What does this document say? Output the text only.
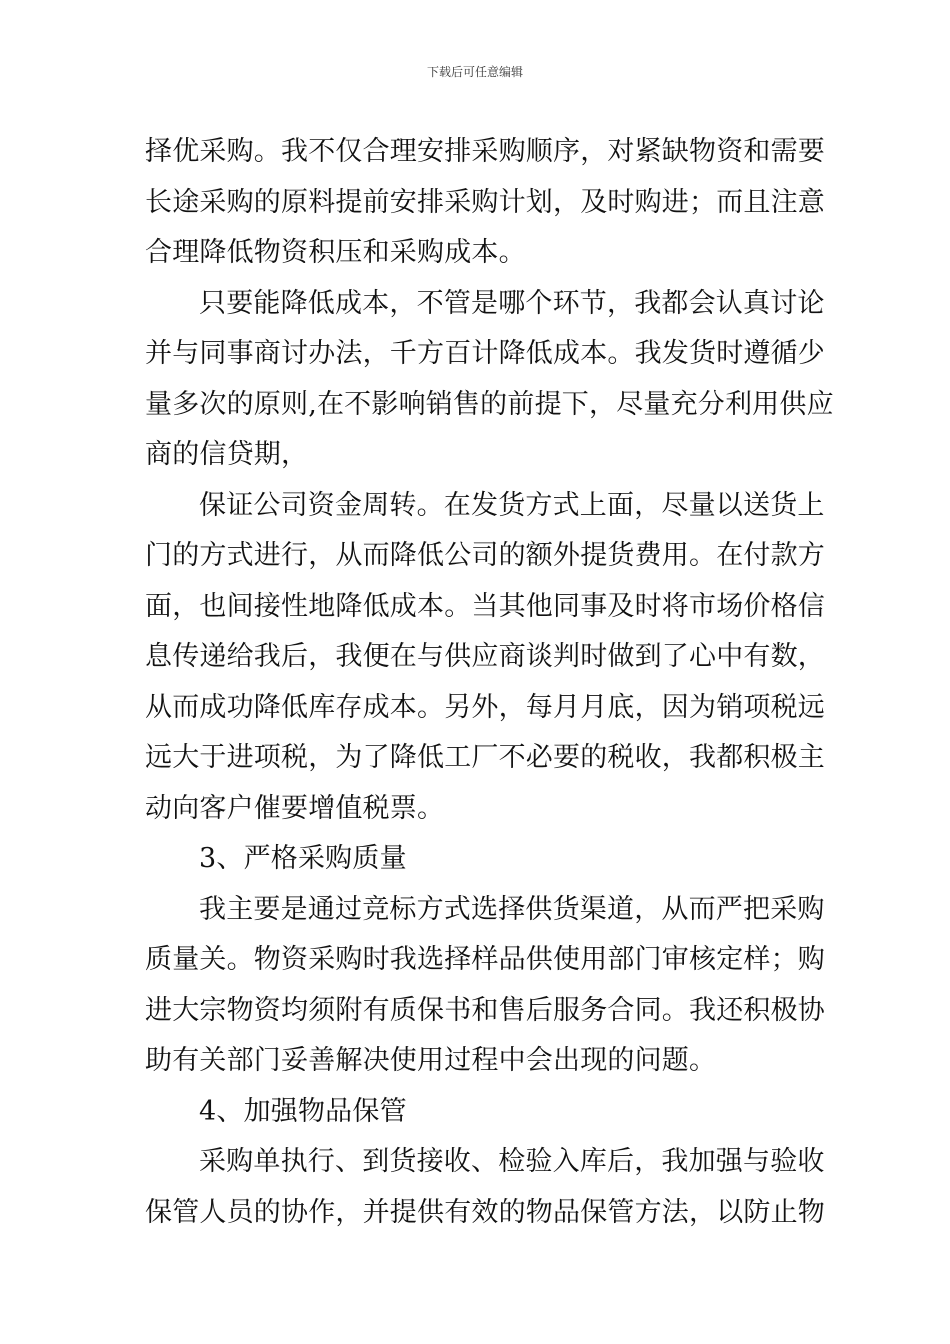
下载后可任意编辑
择优采购。我不仅合理安排采购顺序，对紧缺物资和需要
长途采购的原料提前安排采购计划，及时购进；而且注意
合理降低物资积压和采购成本。
只要能降低成本，不管是哪个环节，我都会认真讨论
并与同事商讨办法，千方百计降低成本。我发货时遵循少
量多次的原则,在不影响销售的前提下，尽量充分利用供应
商的信贷期，
保证公司资金周转。在发货方式上面，尽量以送货上
门的方式进行，从而降低公司的额外提货费用。在付款方
面，也间接性地降低成本。当其他同事及时将市场价格信
息传递给我后，我便在与供应商谈判时做到了心中有数，
从而成功降低库存成本。另外，每月月底，因为销项税远
远大于进项税，为了降低工厂不必要的税收，我都积极主
动向客户催要增值税票。
3、严格采购质量
我主要是通过竞标方式选择供货渠道，从而严把采购
质量关。物资采购时我选择样品供使用部门审核定样；购
进大宗物资均须附有质保书和售后服务合同。我还积极协
助有关部门妥善解决使用过程中会出现的问题。
4、加强物品保管
采购单执行、到货接收、检验入库后，我加强与验收
保管人员的协作，并提供有效的物品保管方法，以防止物
